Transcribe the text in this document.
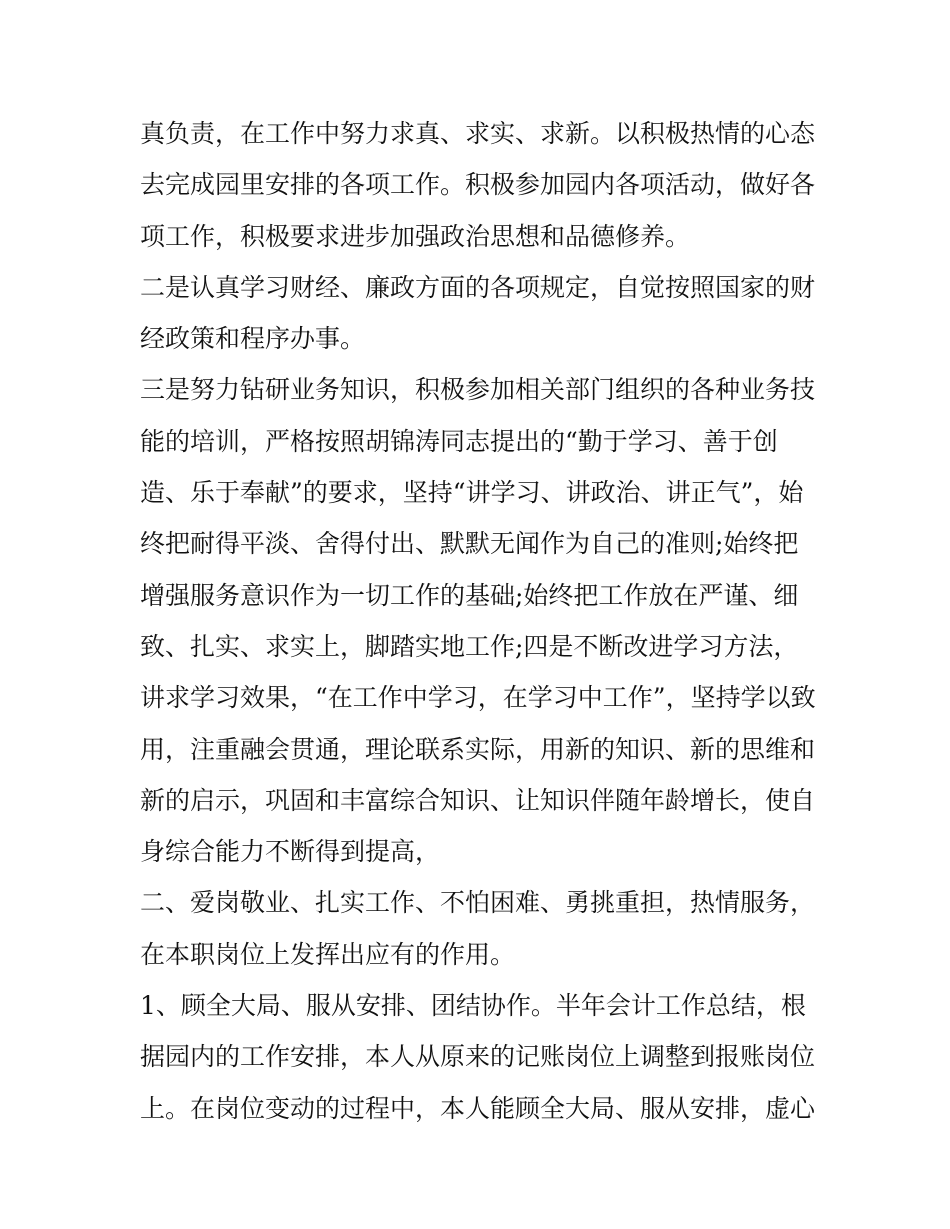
真负责，在工作中努力求真、求实、求新。以积极热情的心态
去完成园里安排的各项工作。积极参加园内各项活动，做好各
项工作，积极要求进步加强政治思想和品德修养。
二是认真学习财经、廉政方面的各项规定，自觉按照国家的财
经政策和程序办事。
三是努力钻研业务知识，积极参加相关部门组织的各种业务技
能的培训，严格按照胡锦涛同志提出的“勤于学习、善于创
造、乐于奉献”的要求，坚持“讲学习、讲政治、讲正气”，始
终把耐得平淡、舍得付出、默默无闻作为自己的准则;始终把
增强服务意识作为一切工作的基础;始终把工作放在严谨、细
致、扎实、求实上，脚踏实地工作;四是不断改进学习方法，
讲求学习效果，“在工作中学习，在学习中工作”，坚持学以致
用，注重融会贯通，理论联系实际，用新的知识、新的思维和
新的启示，巩固和丰富综合知识、让知识伴随年龄增长，使自
身综合能力不断得到提高，
二、爱岗敬业、扎实工作、不怕困难、勇挑重担，热情服务，
在本职岗位上发挥出应有的作用。
1、顾全大局、服从安排、团结协作。半年会计工作总结，根
据园内的工作安排，本人从原来的记账岗位上调整到报账岗位
上。在岗位变动的过程中，本人能顾全大局、服从安排，虚心
